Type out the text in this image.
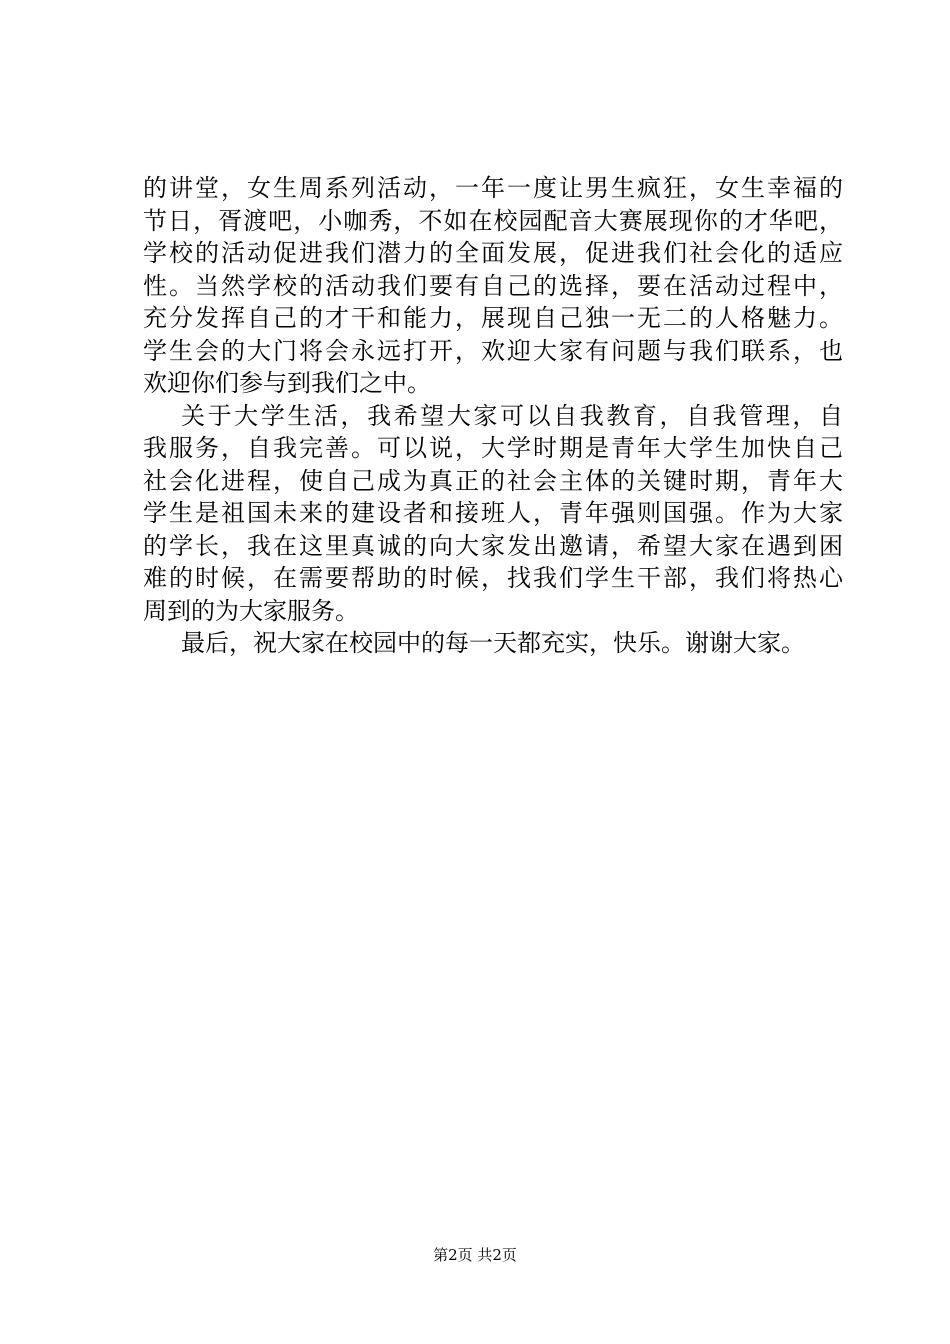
的讲堂，女生周系列活动，一年一度让男生疯狂，女生幸福的
节日，胥渡吧，小咖秀，不如在校园配音大赛展现你的才华吧，
学校的活动促进我们潜力的全面发展，促进我们社会化的适应
性。当然学校的活动我们要有自己的选择，要在活动过程中，
充分发挥自己的才干和能力，展现自己独一无二的人格魅力。
学生会的大门将会永远打开，欢迎大家有问题与我们联系，也
欢迎你们参与到我们之中。
关于大学生活，我希望大家可以自我教育，自我管理，自
我服务，自我完善。可以说，大学时期是青年大学生加快自己
社会化进程，使自己成为真正的社会主体的关键时期，青年大
学生是祖国未来的建设者和接班人，青年强则国强。作为大家
的学长，我在这里真诚的向大家发出邀请，希望大家在遇到困
难的时候，在需要帮助的时候，找我们学生干部，我们将热心
周到的为大家服务。
最后，祝大家在校园中的每一天都充实，快乐。谢谢大家。
第2页 共2页
